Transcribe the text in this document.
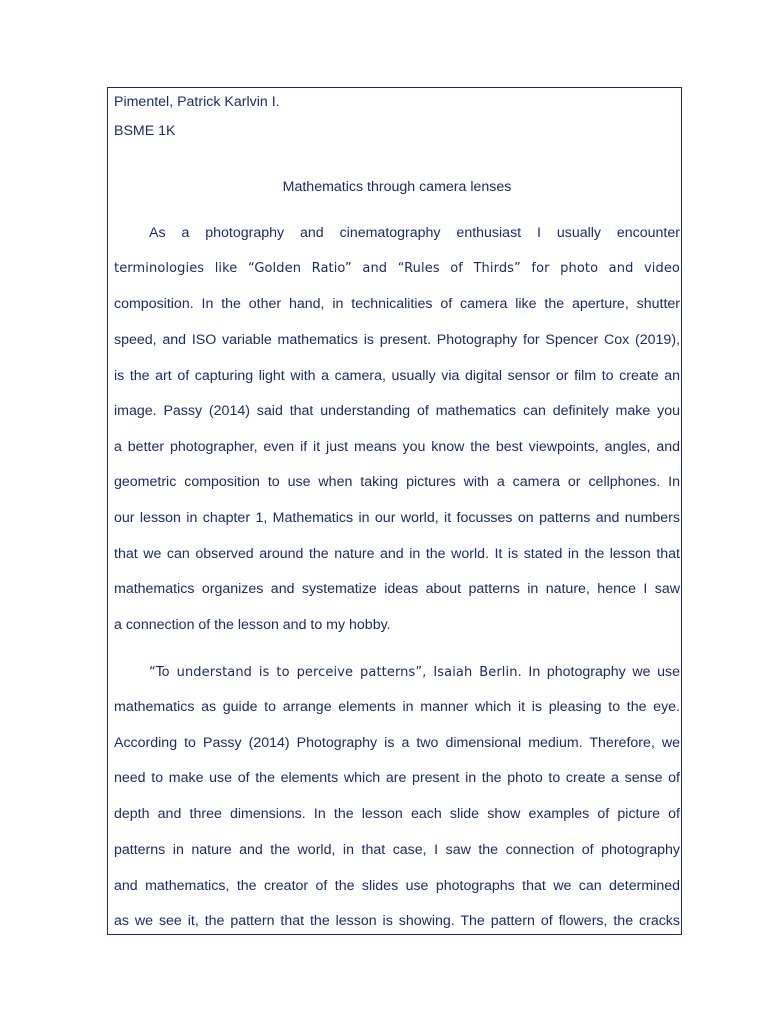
Pimentel, Patrick Karlvin I.
BSME 1K
Mathematics through camera lenses
As a photography and cinematography enthusiast I usually encounter
terminologies like “Golden Ratio” and “Rules of Thirds” for photo and video
composition. In the other hand, in technicalities of camera like the aperture, shutter
speed, and ISO variable mathematics is present. Photography for Spencer Cox (2019),
is the art of capturing light with a camera, usually via digital sensor or film to create an
image. Passy (2014) said that understanding of mathematics can definitely make you
a better photographer, even if it just means you know the best viewpoints, angles, and
geometric composition to use when taking pictures with a camera or cellphones. In
our lesson in chapter 1, Mathematics in our world, it focusses on patterns and numbers
that we can observed around the nature and in the world. It is stated in the lesson that
mathematics organizes and systematize ideas about patterns in nature, hence I saw
a connection of the lesson and to my hobby.
“To understand is to perceive patterns”, Isaiah Berlin. In photography we use
mathematics as guide to arrange elements in manner which it is pleasing to the eye.
According to Passy (2014) Photography is a two dimensional medium. Therefore, we
need to make use of the elements which are present in the photo to create a sense of
depth and three dimensions. In the lesson each slide show examples of picture of
patterns in nature and the world, in that case, I saw the connection of photography
and mathematics, the creator of the slides use photographs that we can determined
as we see it, the pattern that the lesson is showing. The pattern of flowers, the cracks
